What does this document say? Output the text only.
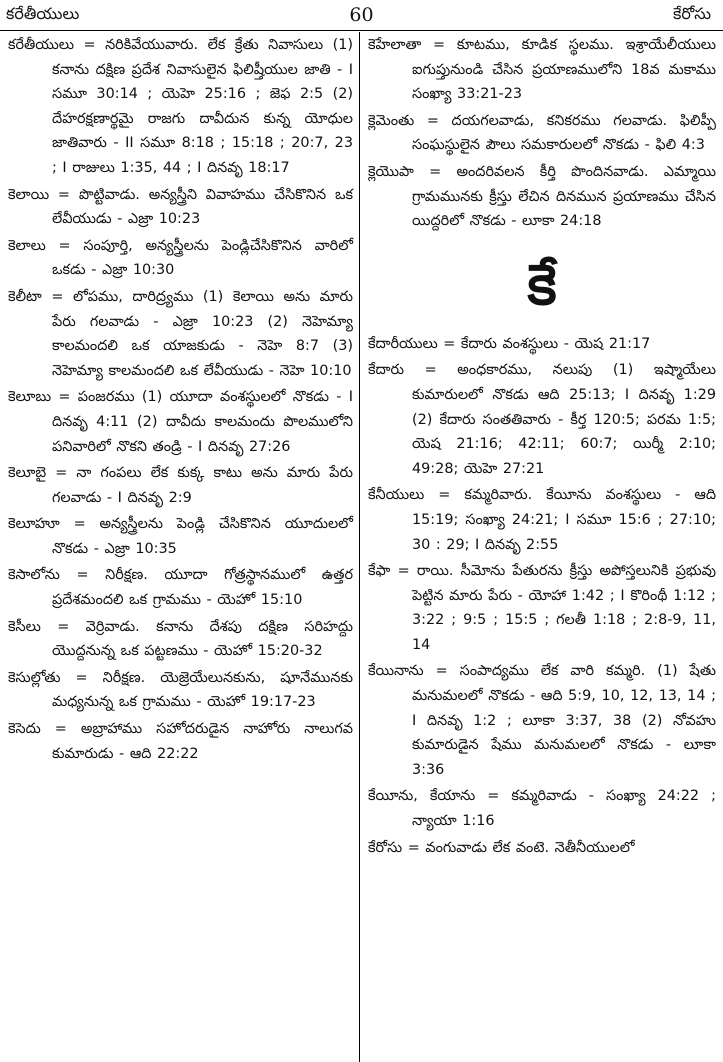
కరేతీయులు	60	కేరోసు

కరేతీయులు = నరికివేయువారు. లేక క్రేతు నివాసులు (1) కనాను దక్షిణ ప్రదేశ నివాసులైన ఫిలిష్తీయుల జాతి - I సమూ 30:14 ; యెహె 25:16 ; జెఫ 2:5 (2) దేహరక్షణార్థమై రాజగు దావీదున కున్న యోధుల జాతివారు - II సమూ 8:18 ; 15:18 ; 20:7, 23 ; I రాజులు 1:35, 44 ; I దినవృ 18:17

కెలాయి = పొట్టివాడు. అన్యస్త్రీని వివాహము చేసికొనిన ఒక లేవీయుడు - ఎజ్రా 10:23

కెలాలు = సంపూర్తి, అన్యస్త్రీలను పెండ్లిచేసికొనిన వారిలో ఒకడు - ఎజ్రా 10:30

కెలీటా = లోపము, దారిద్ర్యము (1) కెలాయి అను మారు పేరు గలవాడు - ఎజ్రా 10:23 (2) నెహెమ్యా కాలమందలి ఒక యాజకుడు - నెహె 8:7 (3) నెహెమ్యా కాలమందలి ఒక లేవీయుడు - నెహె 10:10

కెలూబు = పంజరము (1) యూదా వంశస్థులలో నొకడు - I దినవృ 4:11 (2) దావీదు కాలమందు పొలములోని పనివారిలో నొకని తండ్రి - I దినవృ 27:26

కెలూబై = నా గంపలు లేక కుక్క కాటు అను మారు పేరు గలవాడు - I దినవృ 2:9

కెలూహూ = అన్యస్త్రీలను పెండ్లి చేసికొనిన యూదులలో నొకడు - ఎజ్రా 10:35

కెసాలోను = నిరీక్షణ. యూదా గోత్రస్థానములో ఉత్తర ప్రదేశమందలి ఒక గ్రామము - యెహో 15:10

కెసీలు = వెర్రివాడు. కనాను దేశపు దక్షిణ సరిహద్దు యొద్దనున్న ఒక పట్టణము - యెహో 15:20-32

కెసుల్లోతు = నిరీక్షణ. యెజ్రెయేలునకును, షూనేమునకు మధ్యనున్న ఒక గ్రామము - యెహో 19:17-23

కెసెదు = అబ్రాహాము సహోదరుడైన నాహోరు నాలుగవ కుమారుడు - ఆది 22:22

కెహేలాతా = కూటము, కూడిక స్థలము. ఇశ్రాయేలీయులు ఐగుప్తునుండి చేసిన ప్రయాణములోని 18వ మకాము సంఖ్యా 33:21-23

క్లెమెంతు = దయగలవాడు, కనికరము గలవాడు. ఫిలిప్పీ సంఘస్థులైన పౌలు సమకారులలో నొకడు - ఫిలి 4:3

క్లెయొపా = అందరివలన కీర్తి పొందినవాడు. ఎమ్మాయి గ్రామమునకు క్రీస్తు లేచిన దినమున ప్రయాణము చేసిన యిద్దరిలో నొకడు - లూకా 24:18

కే

కేదారీయులు = కేదారు వంశస్థులు - యెష 21:17

కేదారు = అంధకారము, నలుపు (1) ఇష్మాయేలు కుమారులలో నొకడు ఆది 25:13; I దినవృ 1:29 (2) కేదారు సంతతివారు - కీర్త 120:5; పరమ 1:5; యెష 21:16; 42:11; 60:7; యిర్మీ 2:10; 49:28; యెహె 27:21

కేనీయులు = కమ్మరివారు. కేయీను వంశస్థులు - ఆది 15:19; సంఖ్యా 24:21; I సమూ 15:6 ; 27:10; 30 : 29; I దినవృ 2:55

కేఫా = రాయి. సీమోను పేతురను క్రీస్తు అపోస్తలునికి ప్రభువు పెట్టిన మారు పేరు - యోహా 1:42 ; I కొరింథీ 1:12 ; 3:22 ; 9:5 ; 15:5 ; గలతీ 1:18 ; 2:8-9, 11, 14

కేయినాను = సంపాద్యము లేక వారి కమ్మరి. (1) షేతు మనుమలలో నొకడు - ఆది 5:9, 10, 12, 13, 14 ; I దినవృ 1:2 ; లూకా 3:37, 38 (2) నోవహు కుమారుడైన షేము మనుమలలో నొకడు - లూకా 3:36

కేయీను, కేయాను = కమ్మరివాడు - సంఖ్యా 24:22 ; న్యాయా 1:16

కేరోసు = వంగువాడు లేక వంటె. నెతీనీయులలో
